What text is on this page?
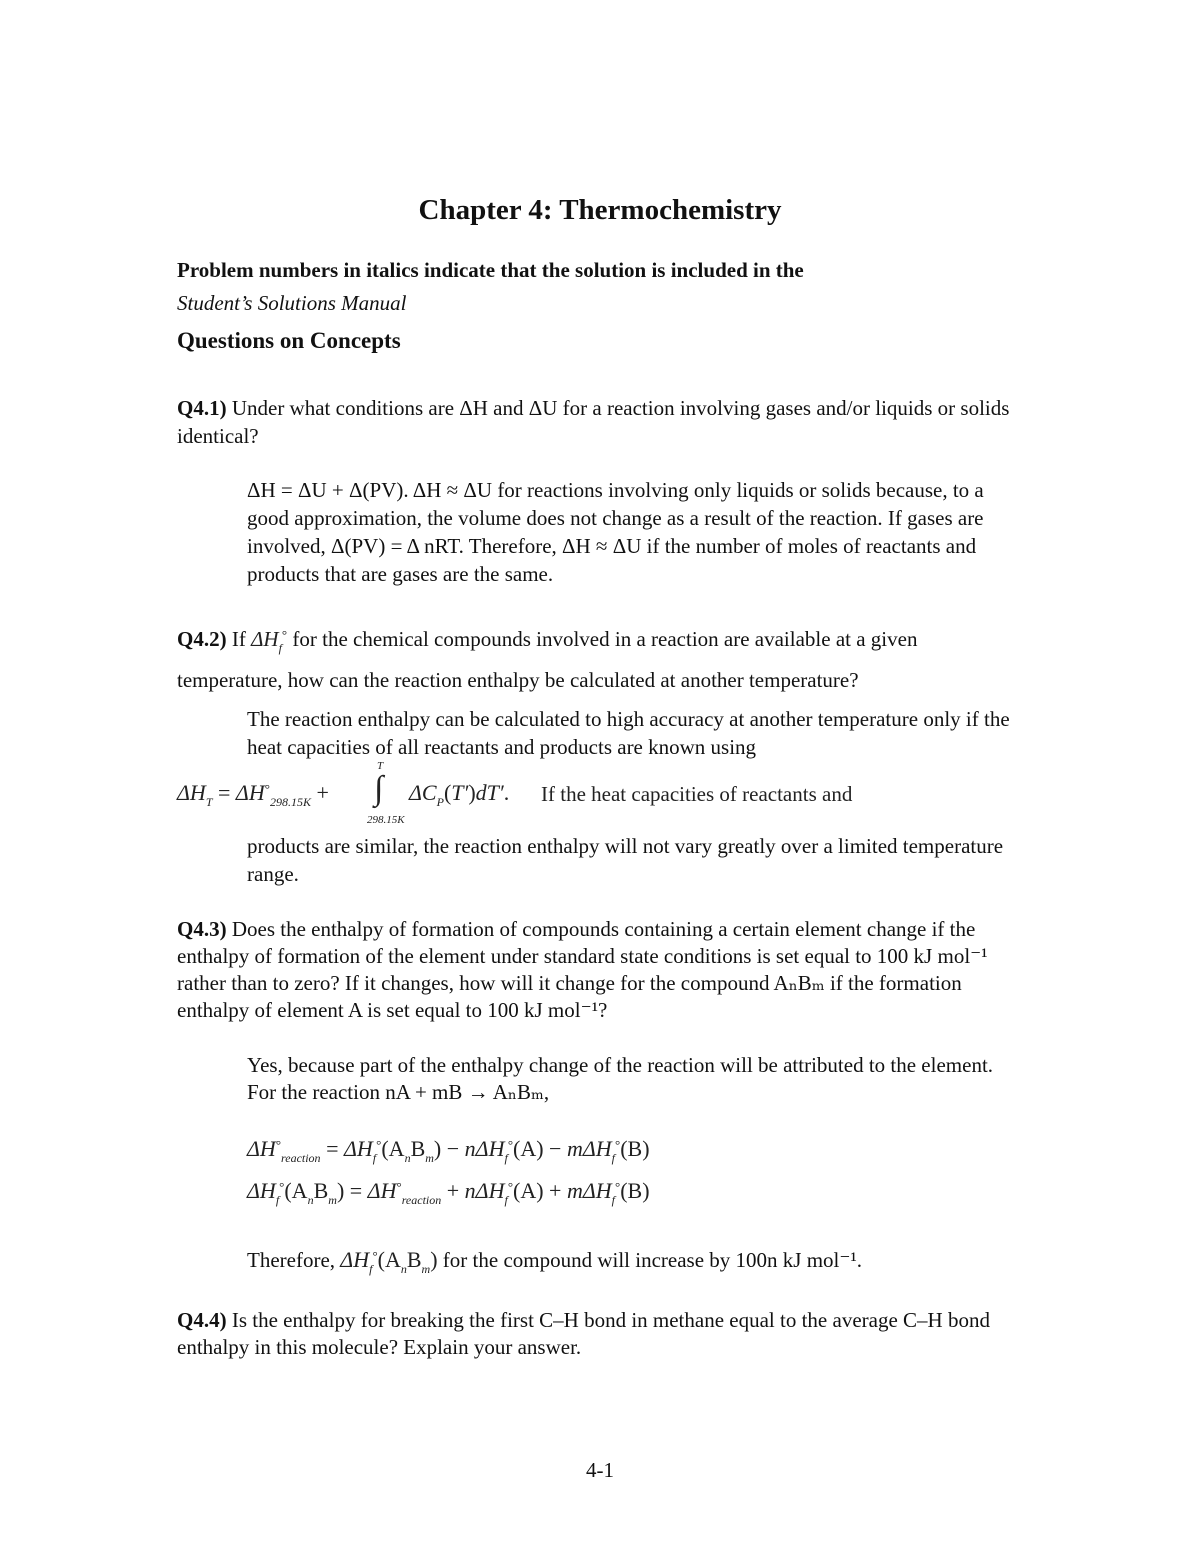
Chapter 4: Thermochemistry
Problem numbers in italics indicate that the solution is included in the
Student’s Solutions Manual
Questions on Concepts
Q4.1) Under what conditions are ΔH and ΔU for a reaction involving gases and/or liquids or solids identical?
ΔH = ΔU + Δ(PV). ΔH ≈ ΔU for reactions involving only liquids or solids because, to a good approximation, the volume does not change as a result of the reaction. If gases are involved, Δ(PV) = Δ nRT. Therefore, ΔH ≈ ΔU if the number of moles of reactants and products that are gases are the same.
Q4.2) If $\Delta H_f^\circ$ for the chemical compounds involved in a reaction are available at a given temperature, how can the reaction enthalpy be calculated at another temperature?
The reaction enthalpy can be calculated to high accuracy at another temperature only if the heat capacities of all reactants and products are known using
$\Delta H_T = \Delta H^\circ_{298.15K}$ +
T
∫
298.15K
$\Delta C_P(T')dT'$. If the heat capacities of reactants and
products are similar, the reaction enthalpy will not vary greatly over a limited temperature range.
Q4.3) Does the enthalpy of formation of compounds containing a certain element change if the enthalpy of formation of the element under standard state conditions is set equal to 100 kJ mol⁻¹ rather than to zero? If it changes, how will it change for the compound AₙBₘ if the formation enthalpy of element A is set equal to 100 kJ mol⁻¹?
Yes, because part of the enthalpy change of the reaction will be attributed to the element. For the reaction nA + mB → AₙBₘ,
$\Delta H^\circ_{reaction} = \Delta H_f^\circ(A_nB_m) - n\Delta H_f^\circ(A) - m\Delta H_f^\circ(B)$
$\Delta H_f^\circ(A_nB_m) = \Delta H^\circ_{reaction} + n\Delta H_f^\circ(A) + m\Delta H_f^\circ(B)$
Therefore, $\Delta H_f^\circ(A_nB_m)$ for the compound will increase by 100n kJ mol⁻¹.
Q4.4) Is the enthalpy for breaking the first C–H bond in methane equal to the average C–H bond enthalpy in this molecule? Explain your answer.
4-1
